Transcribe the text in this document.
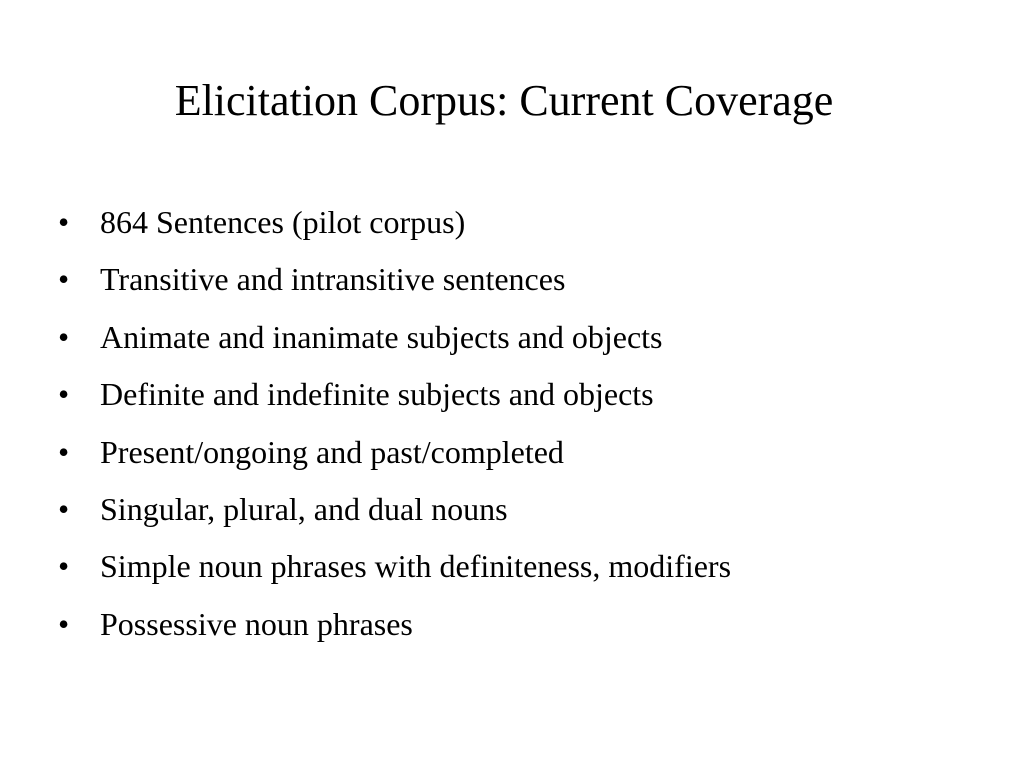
Elicitation Corpus: Current Coverage
• 864 Sentences (pilot corpus)
• Transitive and intransitive sentences
• Animate and inanimate subjects and objects
• Definite and indefinite subjects and objects
• Present/ongoing and past/completed
• Singular, plural, and dual nouns
• Simple noun phrases with definiteness, modifiers
• Possessive noun phrases
